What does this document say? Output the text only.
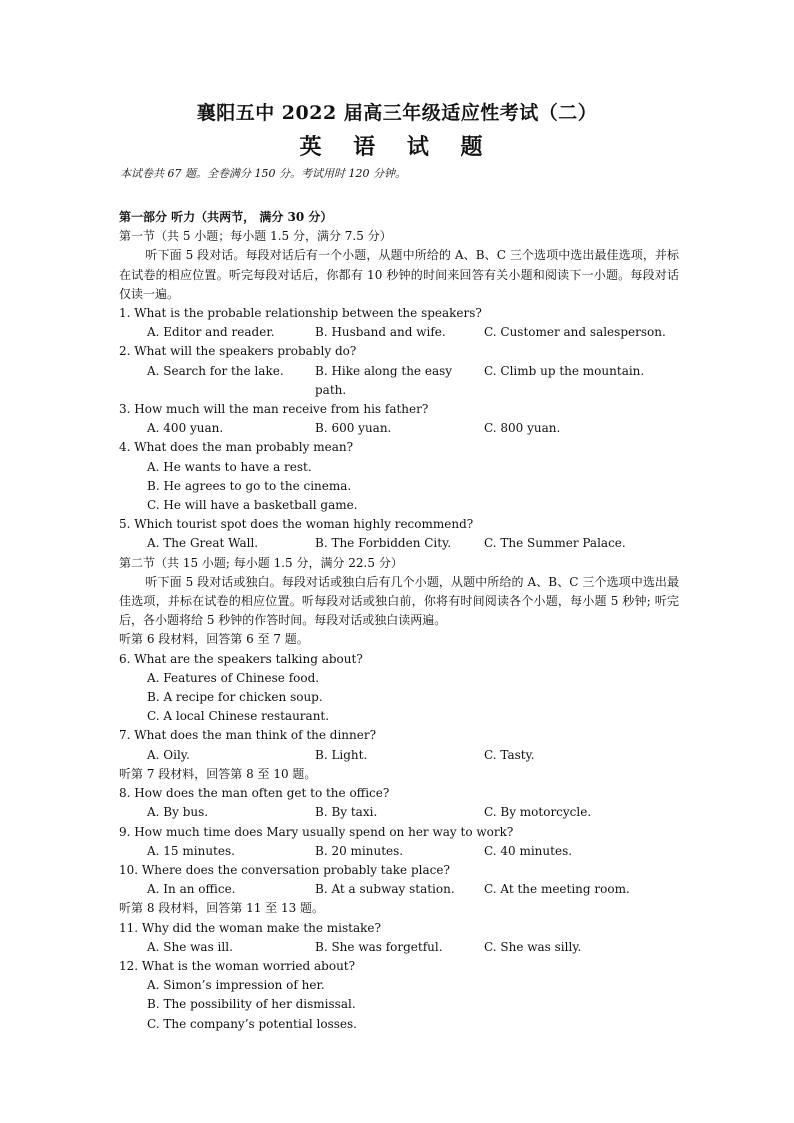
襄阳五中 2022 届高三年级适应性考试（二）
英 语 试 题
本试卷共 67 题。全卷满分 150 分。考试用时 120 分钟。

第一部分 听力（共两节， 满分 30 分）

第一节（共 5 小题；每小题 1.5 分，满分 7.5 分）

听下面 5 段对话。每段对话后有一个小题，从题中所给的 A、B、C 三个选项中选出最佳选项，并标在试卷的相应位置。听完每段对话后，你都有 10 秒钟的时间来回答有关小题和阅读下一小题。每段对话仅读一遍。

1. What is the probable relationship between the speakers?

A. Editor and reader.	B. Husband and wife.	C. Customer and salesperson.

2. What will the speakers probably do?

A. Search for the lake.	B. Hike along the easy path.
C. Climb up the mountain.

3. How much will the man receive from his father?

A. 400 yuan.	B. 600 yuan.	C. 800 yuan.

4. What does the man probably mean?

A. He wants to have a rest.

B. He agrees to go to the cinema.

C. He will have a basketball game.

5. Which tourist spot does the woman highly recommend?

A. The Great Wall.	B. The Forbidden City.	C. The Summer Palace.

第二节（共 15 小题; 每小题 1.5 分，满分 22.5 分）

听下面 5 段对话或独白。每段对话或独白后有几个小题，从题中所给的 A、B、C 三个选项中选出最佳选项，并标在试卷的相应位置。听每段对话或独白前，你将有时间阅读各个小题，每小题 5 秒钟; 听完后，各小题将给 5 秒钟的作答时间。每段对话或独白读两遍。

听第 6 段材料，回答第 6 至 7 题。

6. What are the speakers talking about?

A. Features of Chinese food.

B. A recipe for chicken soup.

C. A local Chinese restaurant.

7. What does the man think of the dinner?

A. Oily.	B. Light.	C. Tasty.

听第 7 段材料，回答第 8 至 10 题。

8. How does the man often get to the office?

A. By bus.	B. By taxi.	C. By motorcycle.

9. How much time does Mary usually spend on her way to work?

A. 15 minutes.	B. 20 minutes.	C. 40 minutes.

10. Where does the conversation probably take place?

A. In an office.	B. At a subway station.	C. At the meeting room.

听第 8 段材料，回答第 11 至 13 题。

11. Why did the woman make the mistake?

A. She was ill.	B. She was forgetful.	C. She was silly.

12. What is the woman worried about?

A. Simon’s impression of her.

B. The possibility of her dismissal.

C. The company’s potential losses.
